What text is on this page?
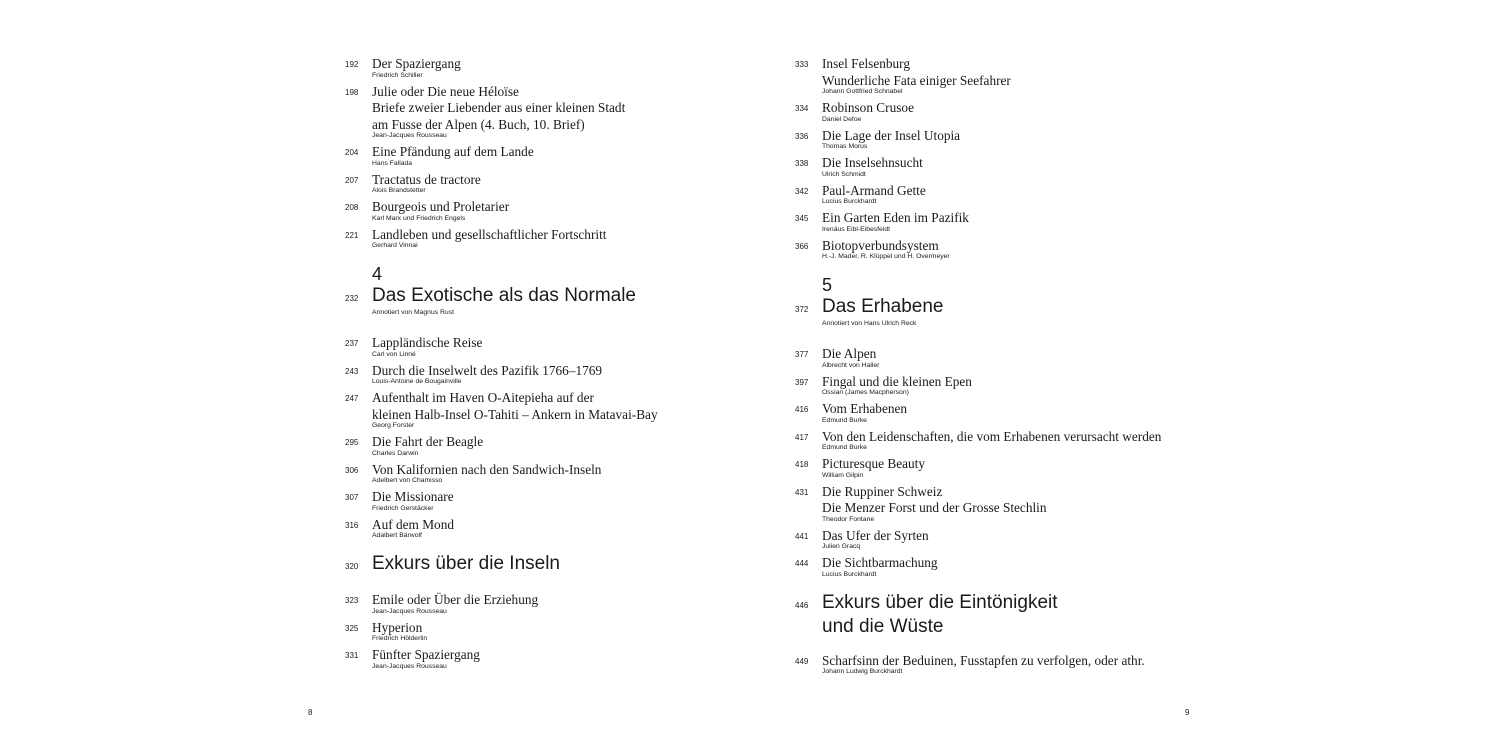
192	Der Spaziergang
Friedrich Schiller
198	Julie oder Die neue Héloïse
Briefe zweier Liebender aus einer kleinen Stadt
am Fusse der Alpen (4. Buch, 10. Brief)
Jean-Jacques Rousseau
204	Eine Pfändung auf dem Lande
Hans Fallada
207	Tractatus de tractore
Alois Brandstetter
208	Bourgeois und Proletarier
Karl Marx und Friedrich Engels
221	Landleben und gesellschaftlicher Fortschritt
Gerhard Vinnai
4
232 Das Exotische als das Normale
Annotiert von Magnus Rust
237	Lappländische Reise
Carl von Linné
243	Durch die Inselwelt des Pazifik 1766–1769
Louis-Antoine de Bougainville
247	Aufenthalt im Haven O-Aitepieha auf der
kleinen Halb-Insel O-Tahiti – Ankern in Matavai-Bay
Georg Forster
295	Die Fahrt der Beagle
Charles Darwin
306	Von Kalifornien nach den Sandwich-Inseln
Adelbert von Chamisso
307	Die Missionare
Friedrich Gerstäcker
316	Auf dem Mond
Adalbert Bärwolf
320 Exkurs über die Inseln
323	Emile oder Über die Erziehung
Jean-Jacques Rousseau
325	Hyperion
Friedrich Hölderlin
331	Fünfter Spaziergang
Jean-Jacques Rousseau
333	Insel Felsenburg
Wunderliche Fata einiger Seefahrer
Johann Gottfried Schnabel
334	Robinson Crusoe
Daniel Defoe
336	Die Lage der Insel Utopia
Thomas Morus
338	Die Inselsehnsucht
Ulrich Schmidt
342	Paul-Armand Gette
Lucius Burckhardt
345	Ein Garten Eden im Pazifik
Irenäus Eibl-Eibesfeldt
366	Biotopverbundsystem
H.-J. Mader, R. Klüppel und H. Overmeyer
5
372 Das Erhabene
Annotiert von Hans Ulrich Reck
377	Die Alpen
Albrecht von Haller
397	Fingal und die kleinen Epen
Ossian (James Macpherson)
416	Vom Erhabenen
Edmund Burke
417	Von den Leidenschaften, die vom Erhabenen verursacht werden
Edmund Burke
418	Picturesque Beauty
William Gilpin
431	Die Ruppiner Schweiz
Die Menzer Forst und der Grosse Stechlin
Theodor Fontane
441	Das Ufer der Syrten
Julien Gracq
444	Die Sichtbarmachung
Lucius Burckhardt
446 Exkurs über die Eintönigkeit
und die Wüste
449	Scharfsinn der Beduinen, Fusstapfen zu verfolgen, oder athr.
Johann Ludwig Burckhardt
8	9
